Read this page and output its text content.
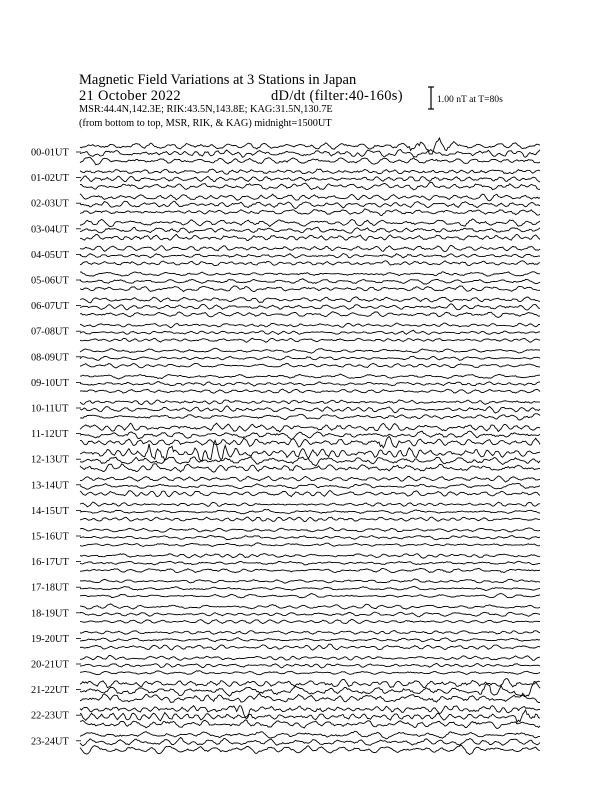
Magnetic Field Variations at 3 Stations in Japan
21 October 2022	dD/dt (filter:40-160s)
MSR:44.4N,142.3E; RIK:43.5N,143.8E; KAG:31.5N,130.7E
(from bottom to top, MSR, RIK, & KAG) midnight=1500UT
1.00 nT at T=80s
00-01UT
01-02UT
02-03UT
03-04UT
04-05UT
05-06UT
06-07UT
07-08UT
08-09UT
09-10UT
10-11UT
11-12UT
12-13UT
13-14UT
14-15UT
15-16UT
16-17UT
17-18UT
18-19UT
19-20UT
20-21UT
21-22UT
22-23UT
23-24UT
